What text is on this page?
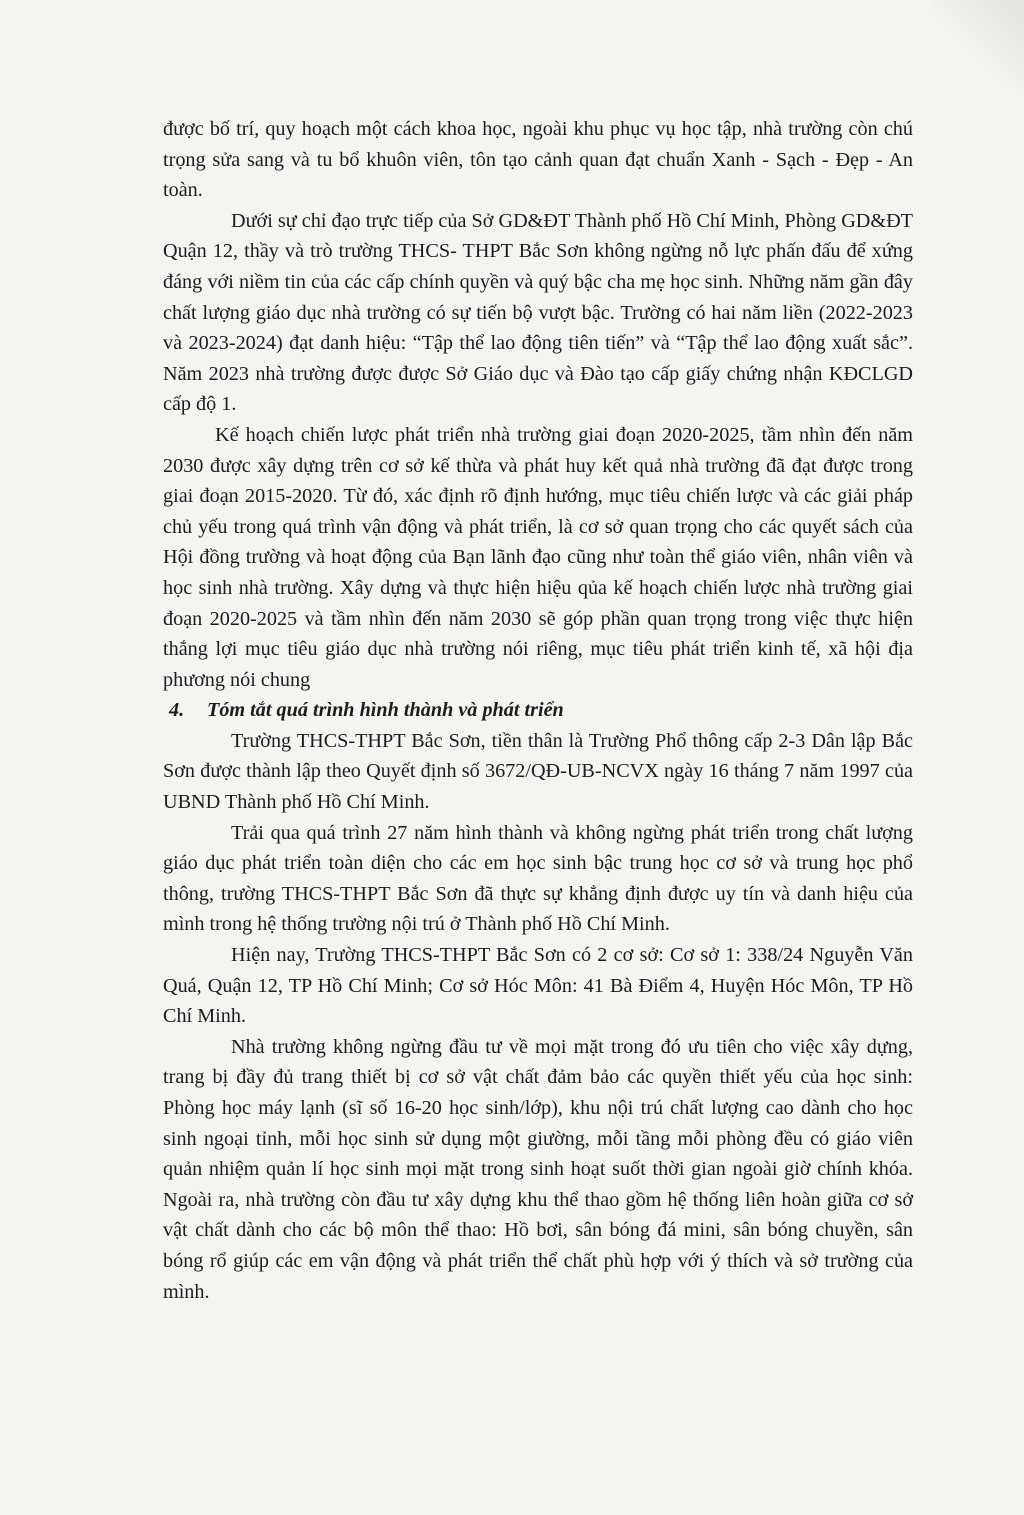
được bố trí, quy hoạch một cách khoa học, ngoài khu phục vụ học tập, nhà trường còn chú trọng sửa sang và tu bổ khuôn viên, tôn tạo cảnh quan đạt chuẩn Xanh - Sạch - Đẹp - An toàn.

Dưới sự chỉ đạo trực tiếp của Sở GD&ĐT Thành phố Hồ Chí Minh, Phòng GD&ĐT Quận 12, thầy và trò trường THCS- THPT Bắc Sơn không ngừng nỗ lực phấn đấu để xứng đáng với niềm tin của các cấp chính quyền và quý bậc cha mẹ học sinh. Những năm gần đây chất lượng giáo dục nhà trường có sự tiến bộ vượt bậc. Trường có hai năm liền (2022-2023 và 2023-2024) đạt danh hiệu: “Tập thể lao động tiên tiến” và “Tập thể lao động xuất sắc”. Năm 2023 nhà trường được được Sở Giáo dục và Đào tạo cấp giấy chứng nhận KĐCLGD cấp độ 1.

Kế hoạch chiến lược phát triển nhà trường giai đoạn 2020-2025, tầm nhìn đến năm 2030 được xây dựng trên cơ sở kế thừa và phát huy kết quả nhà trường đã đạt được trong giai đoạn 2015-2020. Từ đó, xác định rõ định hướng, mục tiêu chiến lược và các giải pháp chủ yếu trong quá trình vận động và phát triển, là cơ sở quan trọng cho các quyết sách của Hội đồng trường và hoạt động của Bạn lãnh đạo cũng như toàn thể giáo viên, nhân viên và học sinh nhà trường. Xây dựng và thực hiện hiệu qủa kế hoạch chiến lược nhà trường giai đoạn 2020-2025 và tầm nhìn đến năm 2030 sẽ góp phần quan trọng trong việc thực hiện thắng lợi mục tiêu giáo dục nhà trường nói riêng, mục tiêu phát triển kinh tế, xã hội địa phương nói chung

4. Tóm tắt quá trình hình thành và phát triển

Trường THCS-THPT Bắc Sơn, tiền thân là Trường Phổ thông cấp 2-3 Dân lập Bắc Sơn được thành lập theo Quyết định số 3672/QĐ-UB-NCVX ngày 16 tháng 7 năm 1997 của UBND Thành phố Hồ Chí Minh.

Trải qua quá trình 27 năm hình thành và không ngừng phát triển trong chất lượng giáo dục phát triển toàn diện cho các em học sinh bậc trung học cơ sở và trung học phổ thông, trường THCS-THPT Bắc Sơn đã thực sự khẳng định được uy tín và danh hiệu của mình trong hệ thống trường nội trú ở Thành phố Hồ Chí Minh.

Hiện nay, Trường THCS-THPT Bắc Sơn có 2 cơ sở: Cơ sở 1: 338/24 Nguyễn Văn Quá, Quận 12, TP Hồ Chí Minh; Cơ sở Hóc Môn: 41 Bà Điểm 4, Huyện Hóc Môn, TP Hồ Chí Minh.

Nhà trường không ngừng đầu tư về mọi mặt trong đó ưu tiên cho việc xây dựng, trang bị đầy đủ trang thiết bị cơ sở vật chất đảm bảo các quyền thiết yếu của học sinh: Phòng học máy lạnh (sĩ số 16-20 học sinh/lớp), khu nội trú chất lượng cao dành cho học sinh ngoại tỉnh, mỗi học sinh sử dụng một giường, mỗi tầng mỗi phòng đều có giáo viên quản nhiệm quản lí học sinh mọi mặt trong sinh hoạt suốt thời gian ngoài giờ chính khóa. Ngoài ra, nhà trường còn đầu tư xây dựng khu thể thao gồm hệ thống liên hoàn giữa cơ sở vật chất dành cho các bộ môn thể thao: Hồ bơi, sân bóng đá mini, sân bóng chuyền, sân bóng rổ giúp các em vận động và phát triển thể chất phù hợp với ý thích và sở trường của mình.
